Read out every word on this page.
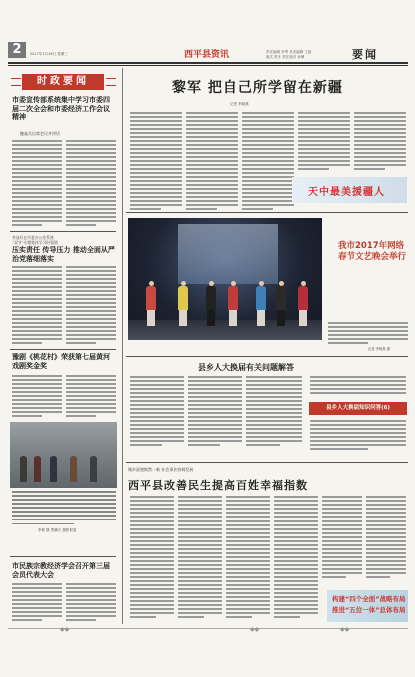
2	2017年1月18日 星期三	西平县资讯	责任编辑 李琴 美术编辑 王晶
版式 张冬 责任校对 孙琳	要闻
时政要闻
市委宣传部系统集中学习市委四届二次全会和市委经济工作会议精神
鲍焱关出席会议并讲话
李显旺在市委办公室系统
“双节”专题集体学习时强调
压实责任 传导压力 推动全面从严治党落细落实
豫剧《桃花村》荣获第七届黄河戏剧奖金奖
李豪 摄 贾鹏天 摄影报道
市民族宗教经济学会召开第三届会员代表大会
黎军 把自己所学留在新疆
记者 李晓燕
天中最美援疆人
我市2017年网络春节文艺晚会举行
记者 李晓燕 摄
县乡人大换届有关问题解答
县乡人大换届知识问答(6)
城乡面貌焕然一新 社会事业协调发展
西平县改善民生提高百姓幸福指数
构建“四个全面”战略布局 推进“五位一体”总体布局
◆◆	◆◆	◆◆
